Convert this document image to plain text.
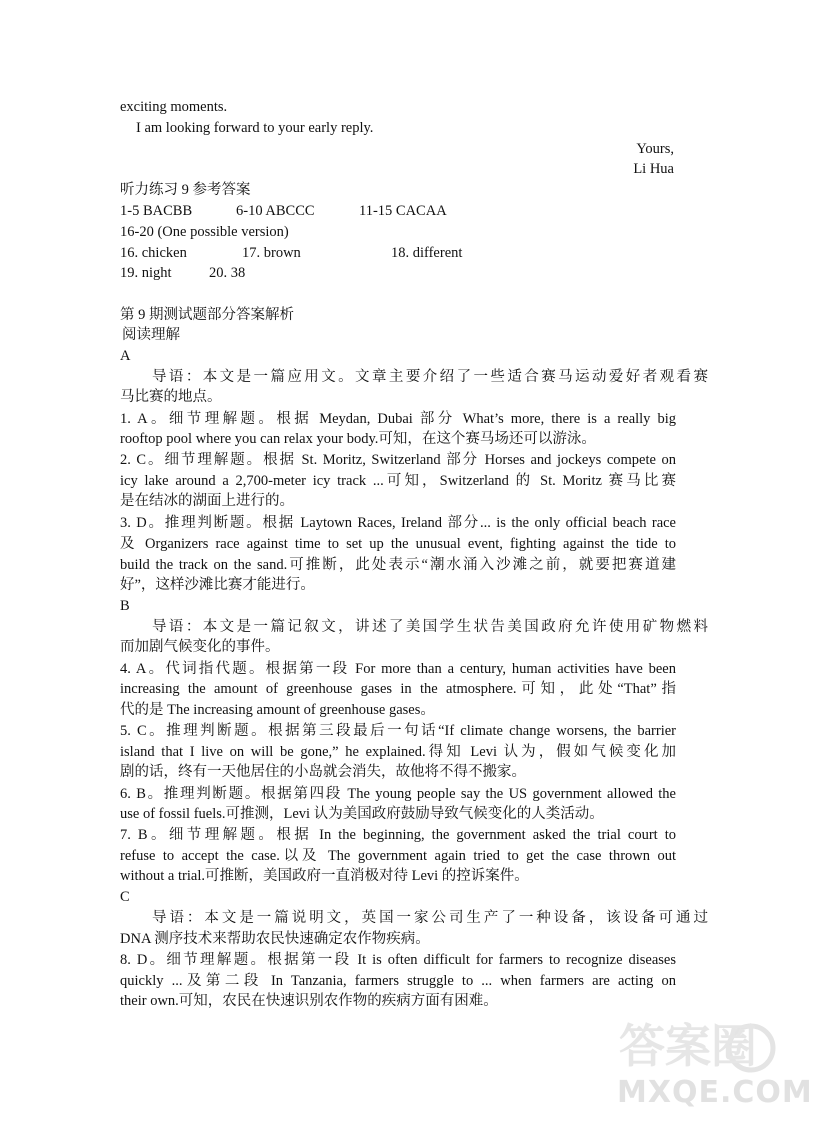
exciting moments.
I am looking forward to your early reply.
Yours,
Li Hua
听力练习 9 参考答案
1-5 BACBB	6-10 ABCCC	11-15 CACAA
16-20 (One possible version)
16. chicken	17. brown	18. different
19. night	20. 38
第 9 期测试题部分答案解析
阅读理解
A
导语：本文是一篇应用文。文章主要介绍了一些适合赛马运动爱好者观看赛
马比赛的地点。
1. A。细节理解题。根据 Meydan, Dubai 部分 What’s more, there is a really big
rooftop pool where you can relax your body.可知，在这个赛马场还可以游泳。
2. C。细节理解题。根据 St. Moritz, Switzerland 部分 Horses and jockeys compete on
icy lake around a 2,700-meter icy track ...可知，Switzerland 的 St. Moritz 赛马比赛
是在结冰的湖面上进行的。
3. D。推理判断题。根据 Laytown Races, Ireland 部分... is the only official beach race
及 Organizers race against time to set up the unusual event, fighting against the tide to
build the track on the sand.可推断，此处表示“潮水涌入沙滩之前，就要把赛道建
好”，这样沙滩比赛才能进行。
B
导语：本文是一篇记叙文，讲述了美国学生状告美国政府允许使用矿物燃料
而加剧气候变化的事件。
4. A。代词指代题。根据第一段 For more than a century, human activities have been
increasing the amount of greenhouse gases in the atmosphere.可知，此处“That”指
代的是 The increasing amount of greenhouse gases。
5. C。推理判断题。根据第三段最后一句话“If climate change worsens, the barrier
island that I live on will be gone,” he explained.得知 Levi 认为，假如气候变化加
剧的话，终有一天他居住的小岛就会消失，故他将不得不搬家。
6. B。推理判断题。根据第四段 The young people say the US government allowed the
use of fossil fuels.可推测，Levi 认为美国政府鼓励导致气候变化的人类活动。
7. B。细节理解题。根据 In the beginning, the government asked the trial court to
refuse to accept the case.以及 The government again tried to get the case thrown out
without a trial.可推断，美国政府一直消极对待 Levi 的控诉案件。
C
导语：本文是一篇说明文，英国一家公司生产了一种设备，该设备可通过
DNA 测序技术来帮助农民快速确定农作物疾病。
8. D。细节理解题。根据第一段 It is often difficult for farmers to recognize diseases
quickly ...及第二段 In Tanzania, farmers struggle to ... when farmers are acting on
their own.可知，农民在快速识别农作物的疾病方面有困难。
答案圈
MXQE.COM
